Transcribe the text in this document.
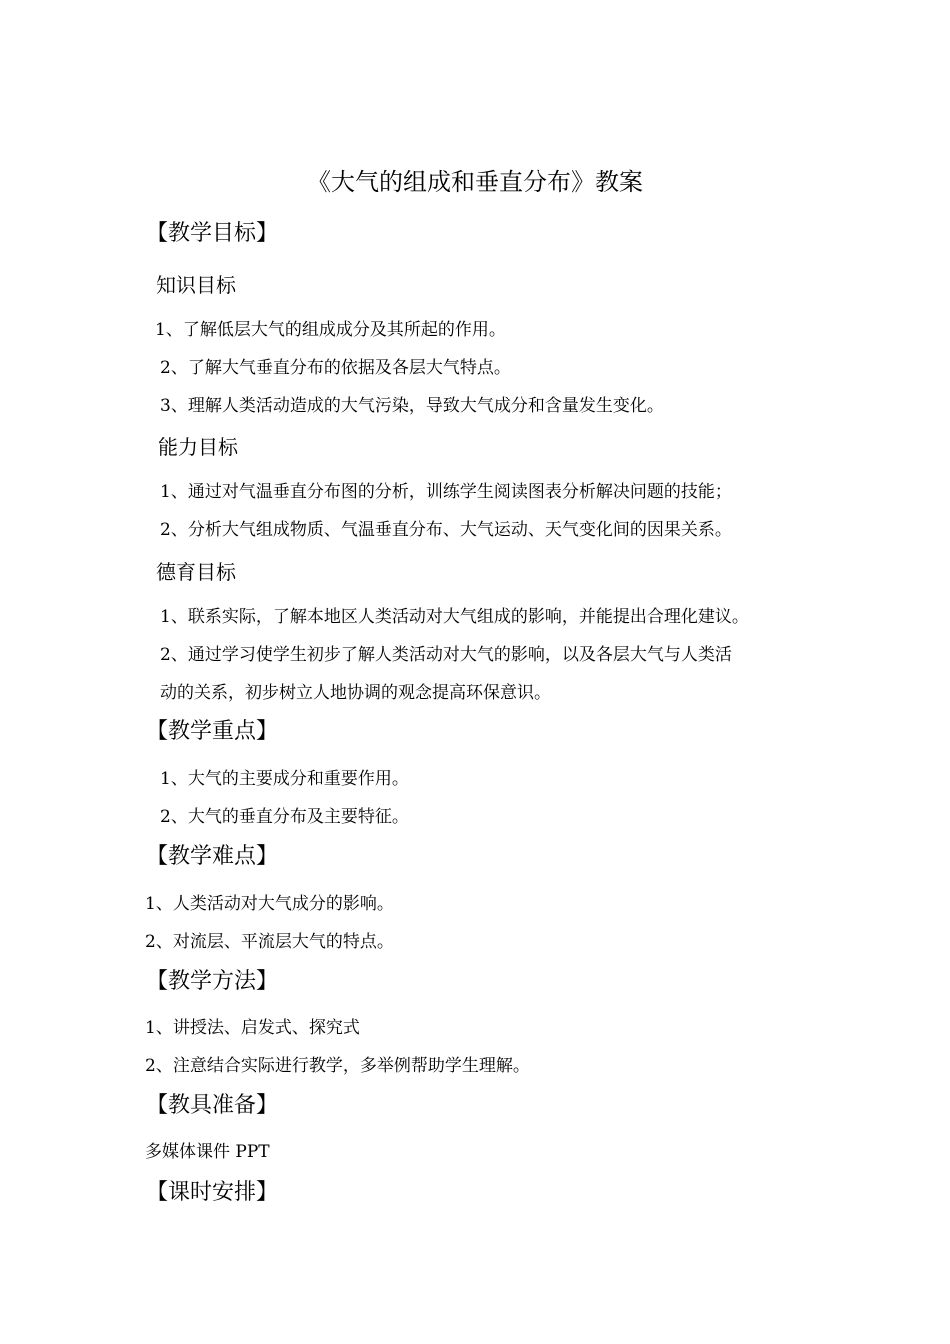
《大气的组成和垂直分布》教案
【教学目标】
知识目标
1、了解低层大气的组成成分及其所起的作用。
2、了解大气垂直分布的依据及各层大气特点。
3、理解人类活动造成的大气污染，导致大气成分和含量发生变化。
能力目标
1、通过对气温垂直分布图的分析，训练学生阅读图表分析解决问题的技能；
2、分析大气组成物质、气温垂直分布、大气运动、天气变化间的因果关系。
德育目标
1、联系实际，了解本地区人类活动对大气组成的影响，并能提出合理化建议。
2、通过学习使学生初步了解人类活动对大气的影响，以及各层大气与人类活
动的关系，初步树立人地协调的观念提高环保意识。
【教学重点】
1、大气的主要成分和重要作用。
2、大气的垂直分布及主要特征。
【教学难点】
1、人类活动对大气成分的影响。
2、对流层、平流层大气的特点。
【教学方法】
1、讲授法、启发式、探究式
2、注意结合实际进行教学，多举例帮助学生理解。
【教具准备】
多媒体课件 PPT
【课时安排】
